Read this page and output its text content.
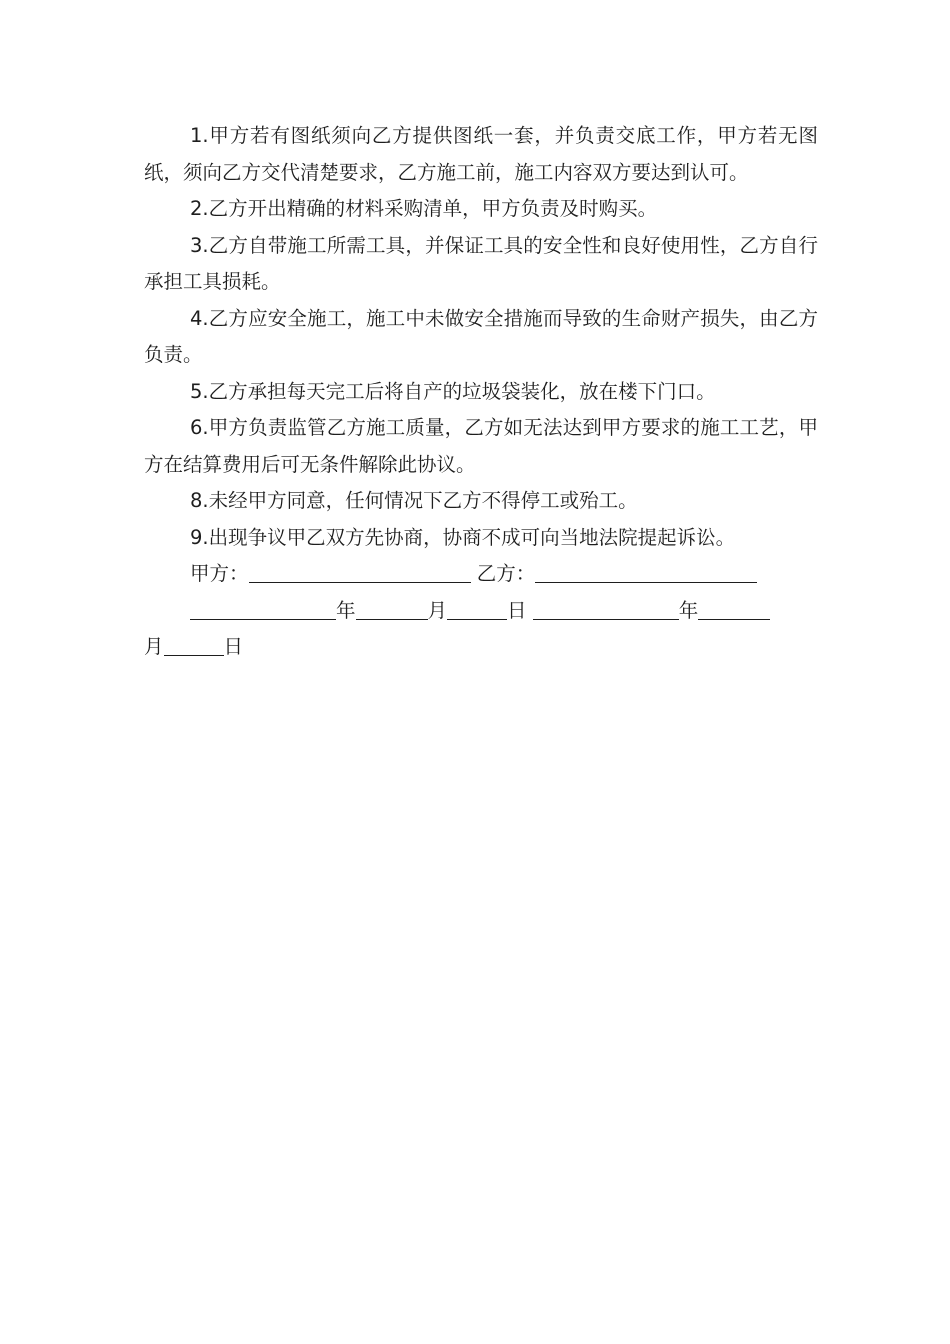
1.甲方若有图纸须向乙方提供图纸一套，并负责交底工作，甲方若无图纸，须向乙方交代清楚要求，乙方施工前，施工内容双方要达到认可。

2.乙方开出精确的材料采购清单，甲方负责及时购买。

3.乙方自带施工所需工具，并保证工具的安全性和良好使用性，乙方自行承担工具损耗。

4.乙方应安全施工，施工中未做安全措施而导致的生命财产损失，由乙方负责。

5.乙方承担每天完工后将自产的垃圾袋装化，放在楼下门口。

6.甲方负责监管乙方施工质量，乙方如无法达到甲方要求的施工工艺，甲方在结算费用后可无条件解除此协议。

8.未经甲方同意，任何情况下乙方不得停工或殆工。

9.出现争议甲乙双方先协商，协商不成可向当地法院提起诉讼。

甲方：	乙方：

年	月	日	年

月	日
